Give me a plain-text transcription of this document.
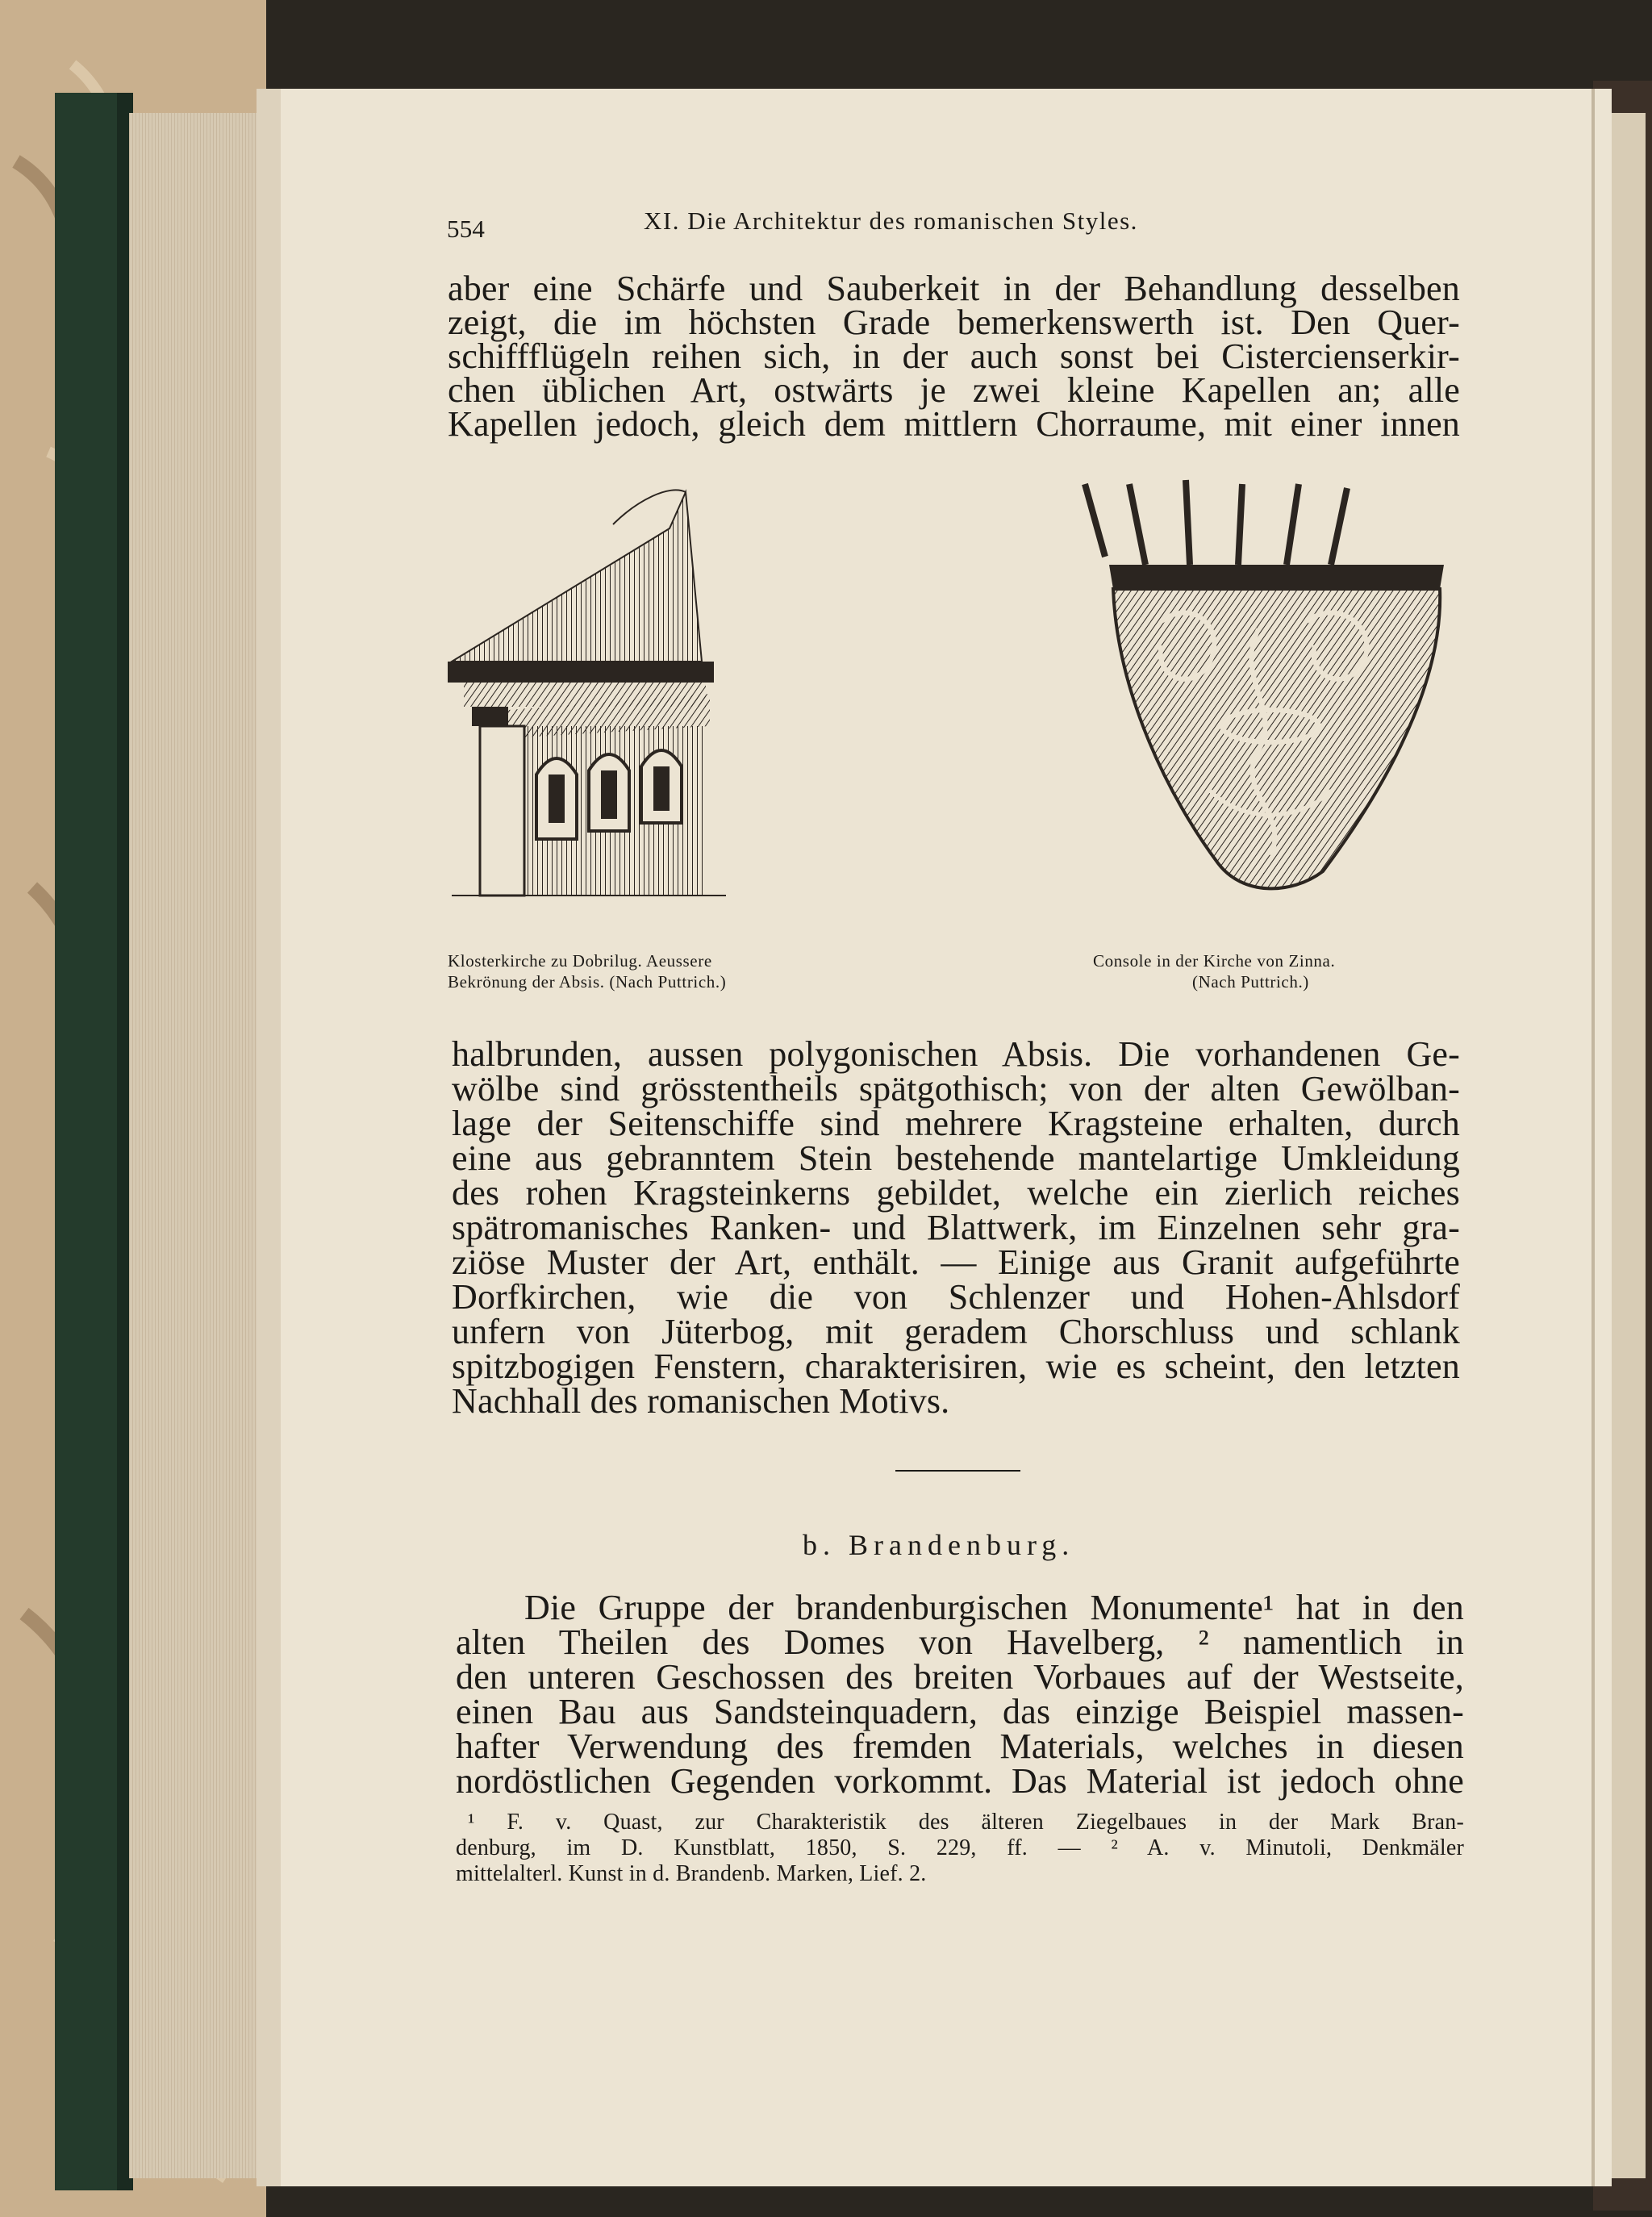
554	XI. Die Architektur des romanischen Styles.
aber eine Schärfe und Sauberkeit in der Behandlung desselben
zeigt, die im höchsten Grade bemerkenswerth ist. Den Quer-
schiffflügeln reihen sich, in der auch sonst bei Cistercienserkir-
chen üblichen Art, ostwärts je zwei kleine Kapellen an; alle
Kapellen jedoch, gleich dem mittlern Chorraume, mit einer innen
Klosterkirche zu Dobrilug. Aeussere
Bekrönung der Absis. (Nach Puttrich.)
Console in der Kirche von Zinna.
(Nach Puttrich.)
halbrunden, aussen polygonischen Absis. Die vorhandenen Ge-
wölbe sind grösstentheils spätgothisch; von der alten Gewölban-
lage der Seitenschiffe sind mehrere Kragsteine erhalten, durch
eine aus gebranntem Stein bestehende mantelartige Umkleidung
des rohen Kragsteinkerns gebildet, welche ein zierlich reiches
spätromanisches Ranken- und Blattwerk, im Einzelnen sehr gra-
ziöse Muster der Art, enthält. — Einige aus Granit aufgeführte
Dorfkirchen, wie die von Schlenzer und Hohen-Ahlsdorf
unfern von Jüterbog, mit geradem Chorschluss und schlank
spitzbogigen Fenstern, charakterisiren, wie es scheint, den letzten
Nachhall des romanischen Motivs.
b. Brandenburg.
Die Gruppe der brandenburgischen Monumente¹ hat in den
alten Theilen des Domes von Havelberg, ² namentlich in
den unteren Geschossen des breiten Vorbaues auf der Westseite,
einen Bau aus Sandsteinquadern, das einzige Beispiel massen-
hafter Verwendung des fremden Materials, welches in diesen
nordöstlichen Gegenden vorkommt. Das Material ist jedoch ohne
¹ F. v. Quast, zur Charakteristik des älteren Ziegelbaues in der Mark Bran-
denburg, im D. Kunstblatt, 1850, S. 229, ff. — ² A. v. Minutoli, Denkmäler
mittelalterl. Kunst in d. Brandenb. Marken, Lief. 2.
